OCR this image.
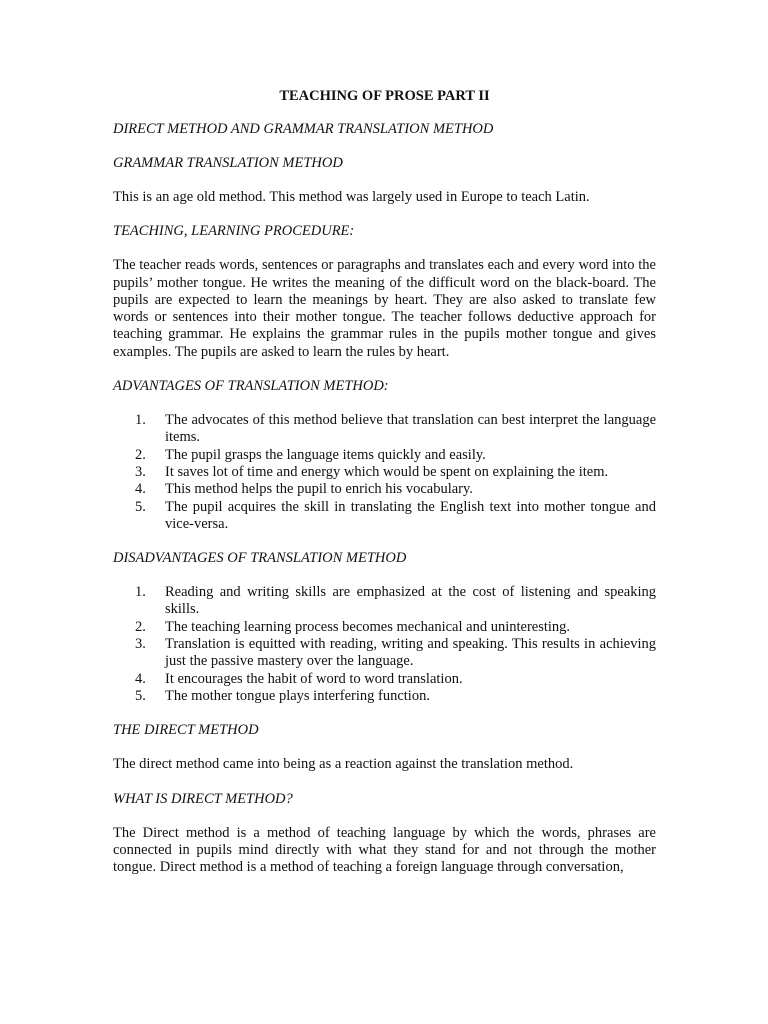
TEACHING OF PROSE PART II
DIRECT METHOD AND GRAMMAR TRANSLATION METHOD
GRAMMAR TRANSLATION METHOD
This is an age old method. This method was largely used in Europe to teach Latin.
TEACHING, LEARNING PROCEDURE:
The teacher reads words, sentences or paragraphs and translates each and every word into the pupils’ mother tongue. He writes the meaning of the difficult word on the black-board. The pupils are expected to learn the meanings by heart. They are also asked to translate few words or sentences into their mother tongue. The teacher follows deductive approach for teaching grammar. He explains the grammar rules in the pupils mother tongue and gives examples. The pupils are asked to learn the rules by heart.
ADVANTAGES OF TRANSLATION METHOD:
1. The advocates of this method believe that translation can best interpret the language items.
2. The pupil grasps the language items quickly and easily.
3. It saves lot of time and energy which would be spent on explaining the item.
4. This method helps the pupil to enrich his vocabulary.
5. The pupil acquires the skill in translating the English text into mother tongue and vice-versa.
DISADVANTAGES OF TRANSLATION METHOD
1. Reading and writing skills are emphasized at the cost of listening and speaking skills.
2. The teaching learning process becomes mechanical and uninteresting.
3. Translation is equitted with reading, writing and speaking. This results in achieving just the passive mastery over the language.
4. It encourages the habit of word to word translation.
5. The mother tongue plays interfering function.
THE DIRECT METHOD
The direct method came into being as a reaction against the translation method.
WHAT IS DIRECT METHOD?
The Direct method is a method of teaching language by which the words, phrases are connected in pupils mind directly with what they stand for and not through the mother tongue. Direct method is a method of teaching a foreign language through conversation,
